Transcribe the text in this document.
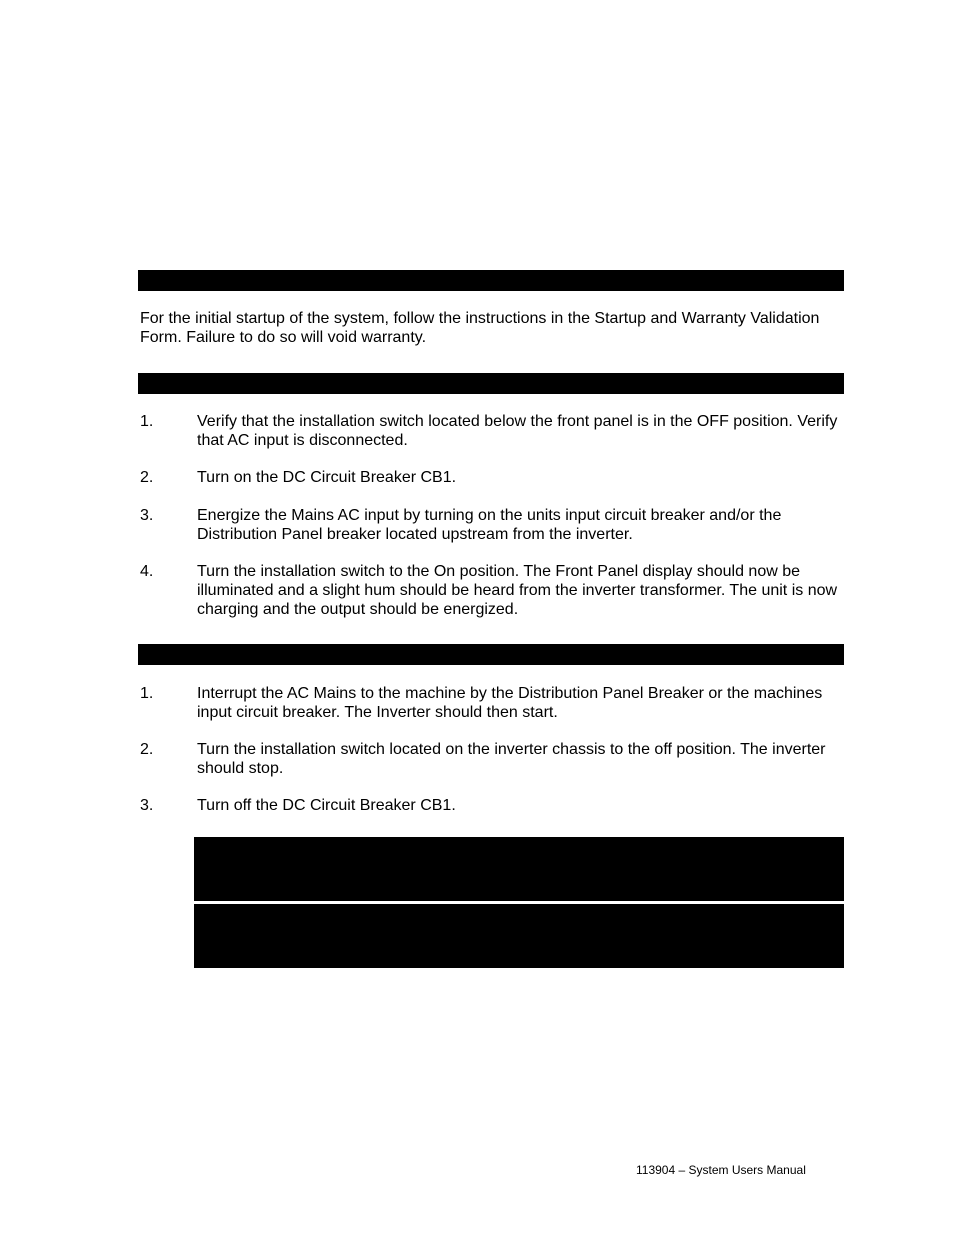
For the initial startup of the system, follow the instructions in the Startup and Warranty Validation Form. Failure to do so will void warranty.

1.	Verify that the installation switch located below the front panel is in the OFF position. Verify that AC input is disconnected.

2.	Turn on the DC Circuit Breaker CB1.

3.	Energize the Mains AC input by turning on the units input circuit breaker and/or the Distribution Panel breaker located upstream from the inverter.

4.	Turn the installation switch to the On position. The Front Panel display should now be illuminated and a slight hum should be heard from the inverter transformer. The unit is now charging and the output should be energized.

1.	Interrupt the AC Mains to the machine by the Distribution Panel Breaker or the machines input circuit breaker. The Inverter should then start.

2.	Turn the installation switch located on the inverter chassis to the off position. The inverter should stop.

3.	Turn off the DC Circuit Breaker CB1.

113904 – System Users Manual
